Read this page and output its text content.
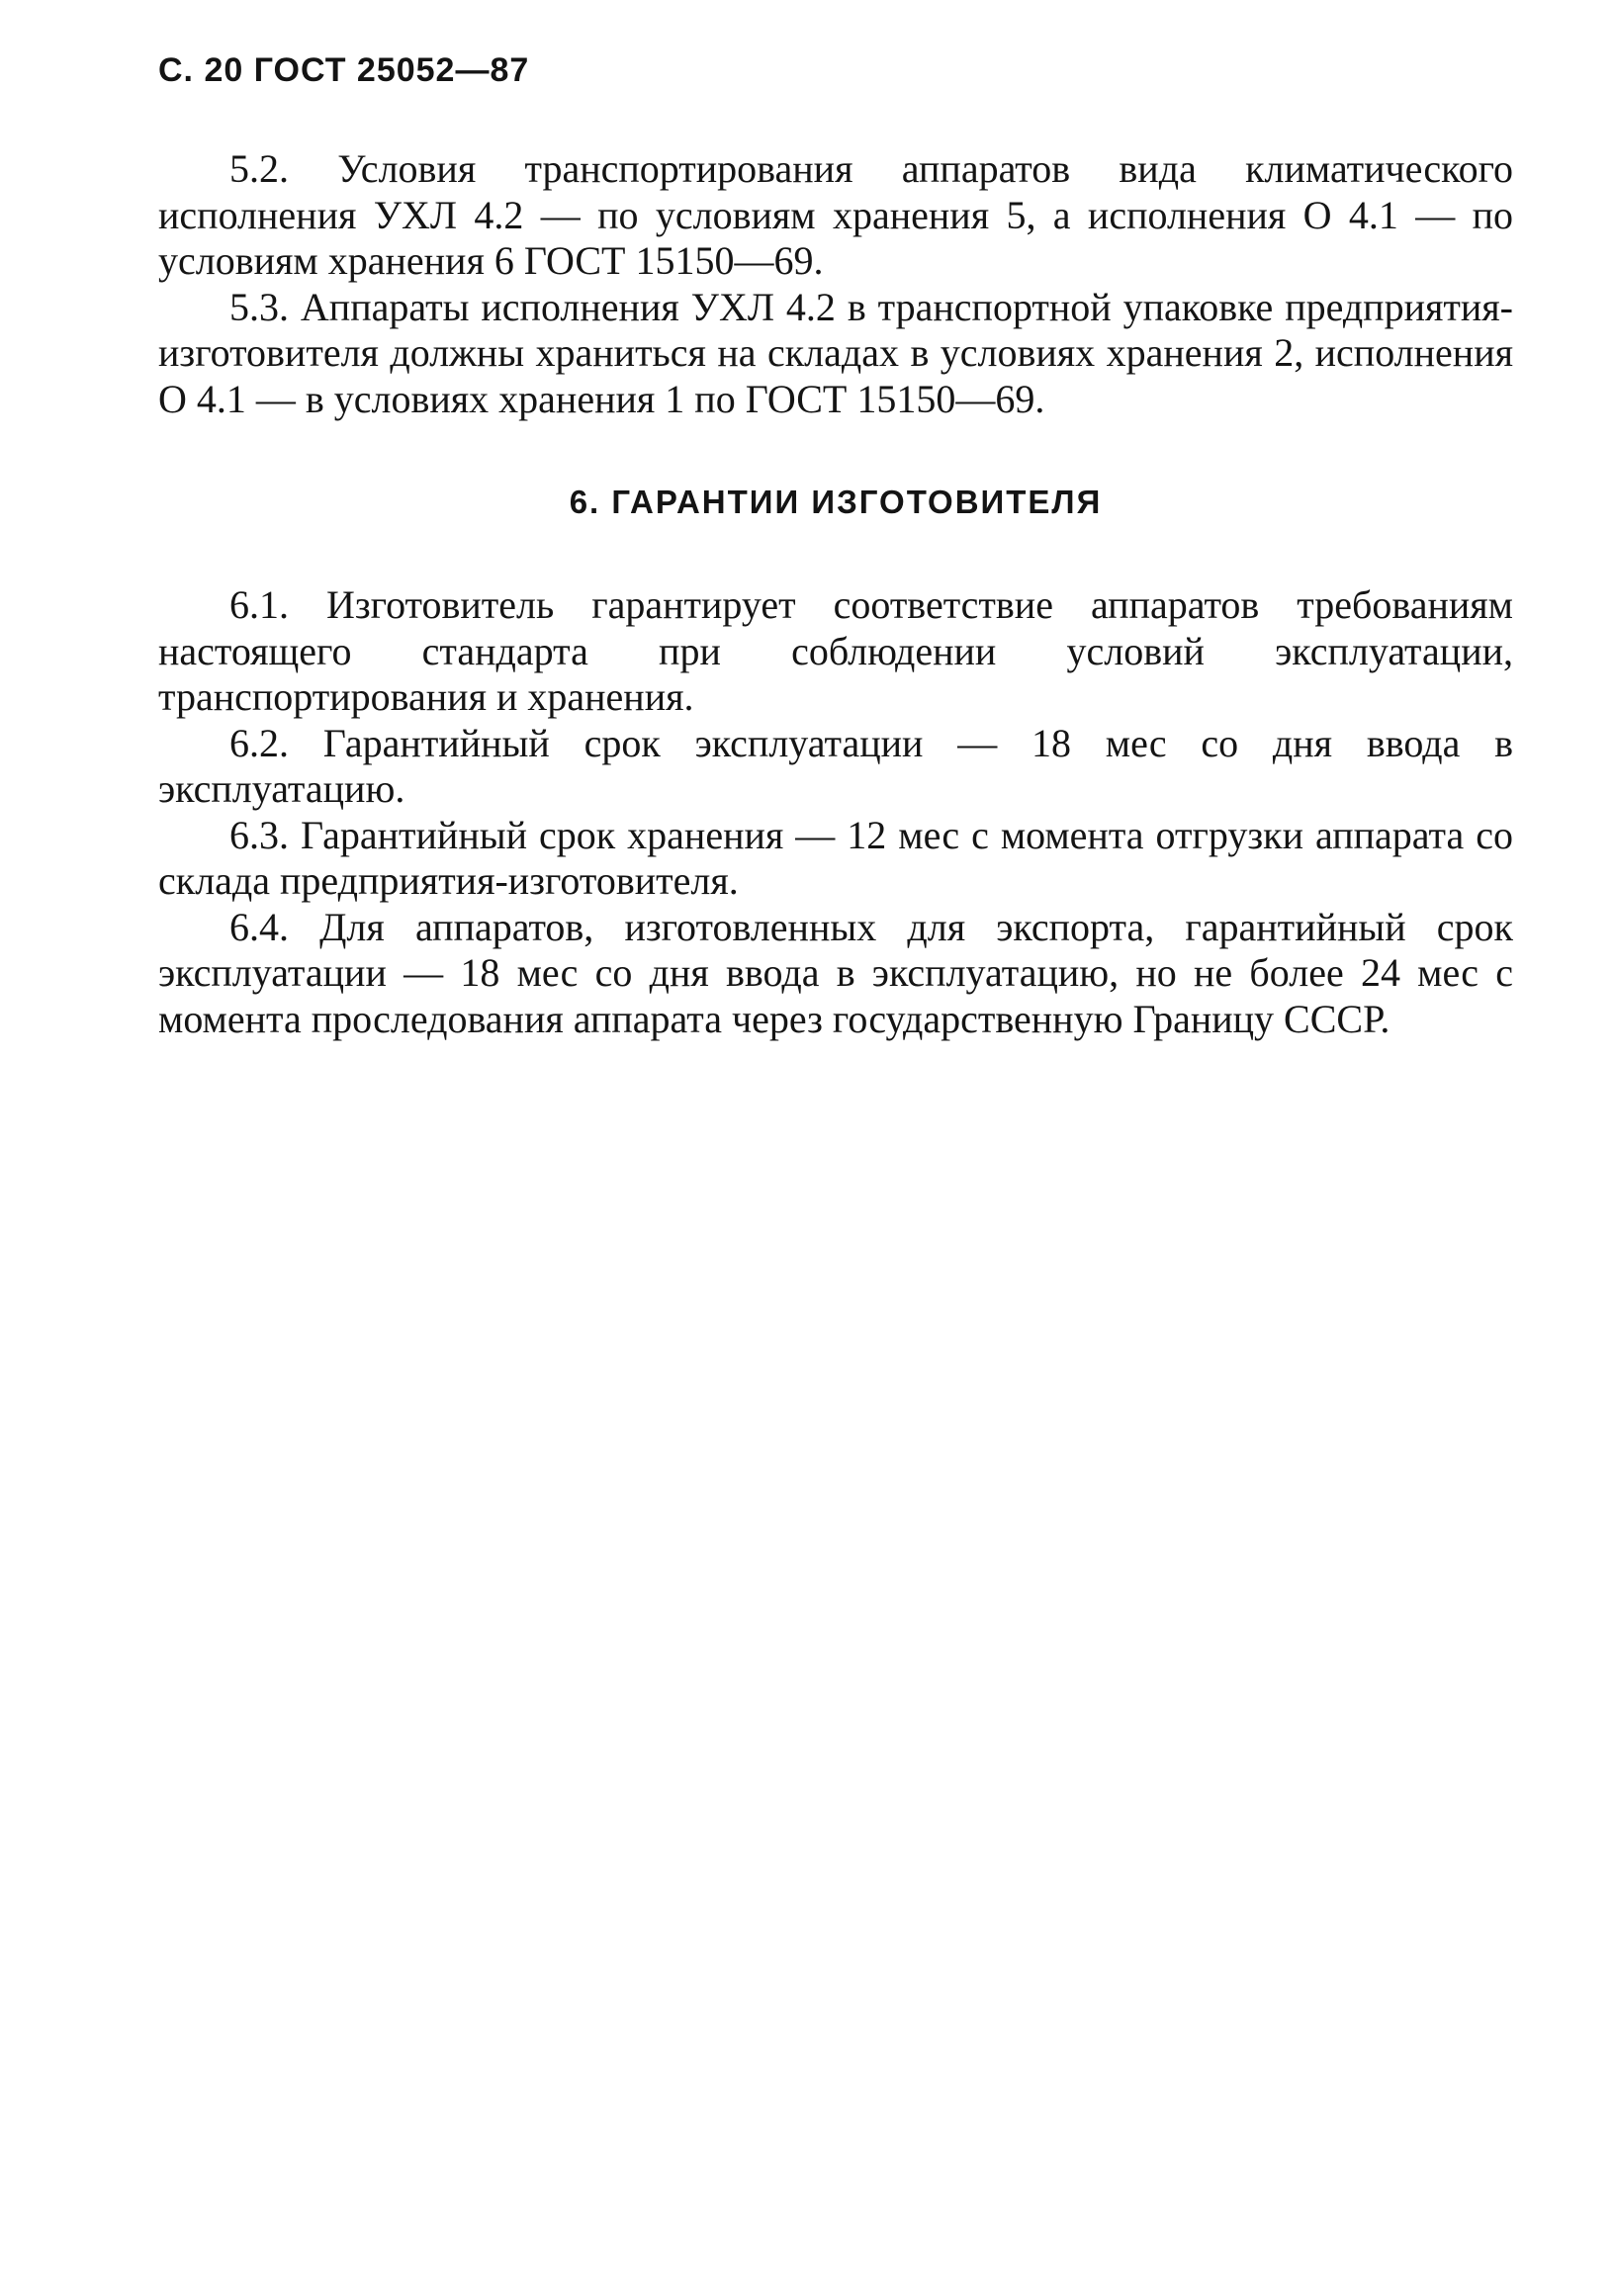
С. 20 ГОСТ 25052—87

5.2. Условия транспортирования аппаратов вида климатического исполнения УХЛ 4.2 — по условиям хранения 5, а исполнения О 4.1 — по условиям хранения 6 ГОСТ 15150—69.

5.3. Аппараты исполнения УХЛ 4.2 в транспортной упаковке предприятия-изготовителя должны храниться на складах в условиях хранения 2, исполнения О 4.1 — в условиях хранения 1 по ГОСТ 15150—69.

6. ГАРАНТИИ ИЗГОТОВИТЕЛЯ

6.1. Изготовитель гарантирует соответствие аппаратов требованиям настоящего стандарта при соблюдении условий эксплуатации, транспортирования и хранения.

6.2. Гарантийный срок эксплуатации — 18 мес со дня ввода в эксплуатацию.

6.3. Гарантийный срок хранения — 12 мес с момента отгрузки аппарата со склада предприятия-изготовителя.

6.4. Для аппаратов, изготовленных для экспорта, гарантийный срок эксплуатации — 18 мес со дня ввода в эксплуатацию, но не более 24 мес с момента проследования аппарата через государственную Границу СССР.
